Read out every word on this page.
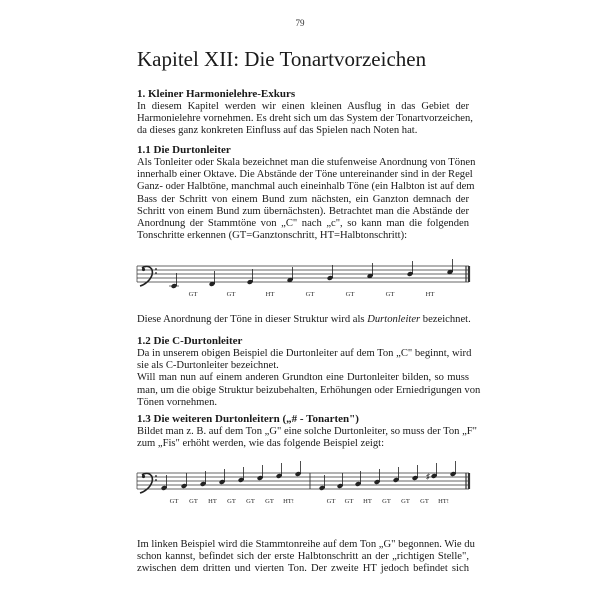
79
Kapitel XII: Die Tonartvorzeichen
1. Kleiner Harmonielehre-Exkurs
In diesem Kapitel werden wir einen kleinen Ausflug in das Gebiet der
Harmonielehre vornehmen. Es dreht sich um das System der Tonartvorzeichen,
da dieses ganz konkreten Einfluss auf das Spielen nach Noten hat.
1.1 Die Durtonleiter
Als Tonleiter oder Skala bezeichnet man die stufenweise Anordnung von Tönen
innerhalb einer Oktave. Die Abstände der Töne untereinander sind in der Regel
Ganz- oder Halbtöne, manchmal auch eineinhalb Töne (ein Halbton ist auf dem
Bass der Schritt von einem Bund zum nächsten, ein Ganzton demnach der
Schritt von einem Bund zum übernächsten). Betrachtet man die Abstände der
Anordnung der Stammtöne von „C" nach „c", so kann man die folgenden
Tonschritte erkennen (GT=Ganztonschritt, HT=Halbtonschritt):
GT	GT	HT	GT	GT	GT	HT
♯
GT GT HT GT GT GT HT!	GT GT HT GT GT GT HT!
Diese Anordnung der Töne in dieser Struktur wird als Durtonleiter bezeichnet.
1.2 Die C-Durtonleiter
Da in unserem obigen Beispiel die Durtonleiter auf dem Ton „C" beginnt, wird
sie als C-Durtonleiter bezeichnet.
Will man nun auf einem anderen Grundton eine Durtonleiter bilden, so muss
man, um die obige Struktur beizubehalten, Erhöhungen oder Erniedrigungen von
Tönen vornehmen.
1.3 Die weiteren Durtonleitern („# - Tonarten")
Bildet man z. B. auf dem Ton „G" eine solche Durtonleiter, so muss der Ton „F"
zum „Fis" erhöht werden, wie das folgende Beispiel zeigt:
Im linken Beispiel wird die Stammtonreihe auf dem Ton „G" begonnen. Wie du
schon kannst, befindet sich der erste Halbtonschritt an der „richtigen Stelle",
zwischen dem dritten und vierten Ton. Der zweite HT jedoch befindet sich
